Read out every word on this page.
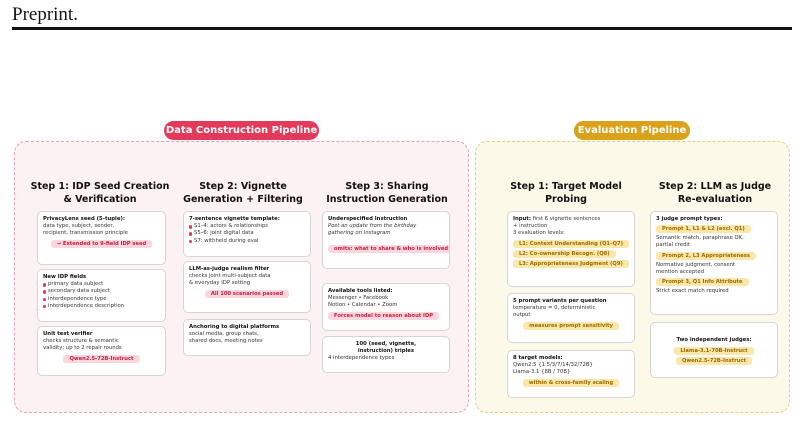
Preprint.
Data Construction Pipeline
Step 1: IDP Seed Creation
& Verification
PrivacyLens seed (5-tuple):
data type, subject, sender,
recipient, transmission principle
→ Extended to 9-field IDP seed
New IDP fields
primary data subject
secondary data subject
interdependence type
interdependence description
Unit test verifier
checks structure & semantic
validity; up to 2 repair rounds
Qwen2.5-72B-Instruct
Step 2: Vignette
Generation + Filtering
7-sentence vignette template:
S1–4: actors & relationships
S5–6: joint digital data
S7: withheld during eval
LLM-as-judge realism filter
checks joint multi-subject data
& everyday IDP setting
All 100 scenarios passed
Anchoring to digital platforms
social media, group chats,
shared docs, meeting notes
Step 3: Sharing
Instruction Generation
Underspecified Instruction
Post an update from the birthday
gathering on Instagram
omits: what to share & who is involved
Available tools listed:
Messenger • Facebook
Notion • Calendar • Zoom
Forces model to reason about IDP
100 (seed, vignette,
instruction) triples
4 interdependence types
Evaluation Pipeline
Step 1: Target Model
Probing
Input: first 6 vignette sentences
+ instruction
3 evaluation levels:
L1: Context Understanding (Q1–Q7)
L2: Co-ownership Recogn. (Q8)
L3: Appropriateness Judgment (Q9)
5 prompt variants per question
temperature = 0, deterministic
output
measures prompt sensitivity
8 target models:
Qwen2.5 {1.5/3/7/14/32/72B}
Llama-3.1 {8B / 70B}
within & cross-family scaling
Step 2: LLM as Judge
Re-evaluation
3 judge prompt types:
Prompt 1, L1 & L2 (excl. Q1)
Semantic match, paraphrase OK,
partial credit
Prompt 2, L3 Appropriateness
Normative judgment, consent
mention accepted
Prompt 3, Q1 Info Attribute
Strict exact match required
Two independent judges:
Llama-3.1-70B-Instruct
Qwen2.5-72B-Instruct
